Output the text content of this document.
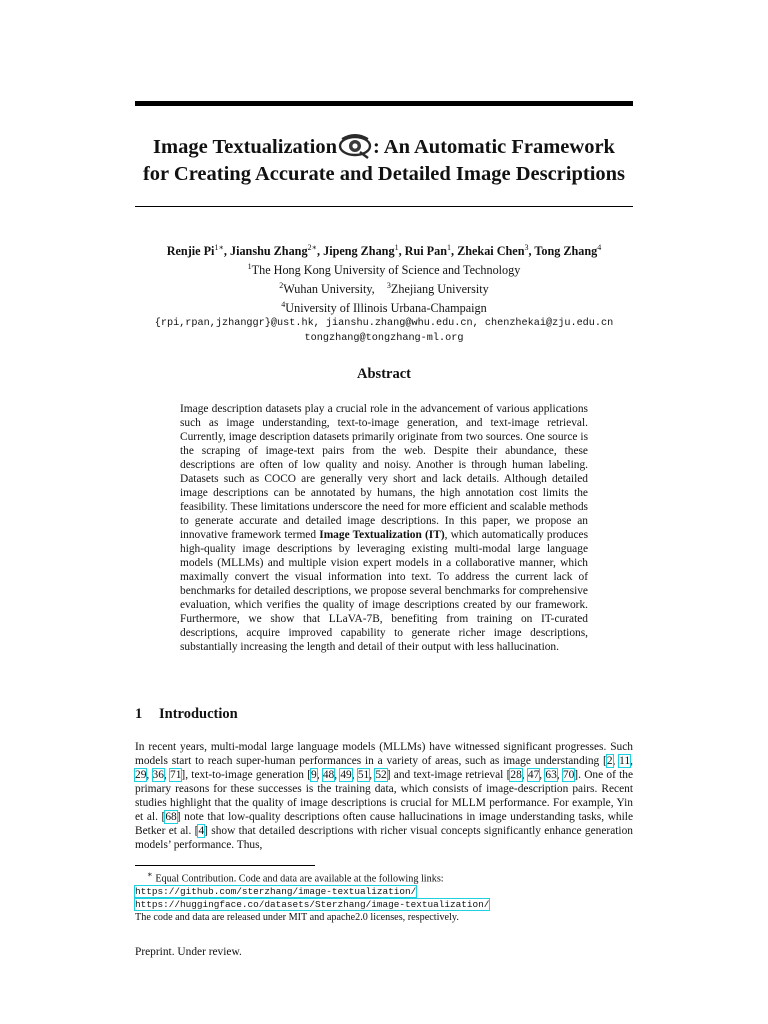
Image Textualization : An Automatic Framework
for Creating Accurate and Detailed Image Descriptions
Renjie $Pi^{1∗}$, Jianshu Zhang$^{2∗}$, Jipeng Zhang$^1$, Rui Pan$^1$, Zhekai Chen$^3$, Tong Zhang$^4$
$^1$The Hong Kong University of Science and Technology
$^2$Wuhan University, $^3$Zhejiang University
$^4$University of Illinois Urbana-Champaign
{rpi,rpan,jzhanggr}@ust.hk, jianshu.zhang@whu.edu.cn, chenzhekai@zju.edu.cn
tongzhang@tongzhang-ml.org
Abstract
Image description datasets play a crucial role in the advancement of various applications such as image understanding, text-to-image generation, and text-image retrieval. Currently, image description datasets primarily originate from two sources. One source is the scraping of image-text pairs from the web. Despite their abundance, these descriptions are often of low quality and noisy. Another is through human labeling. Datasets such as COCO are generally very short and lack details. Although detailed image descriptions can be annotated by humans, the high annotation cost limits the feasibility. These limitations underscore the need for more efficient and scalable methods to generate accurate and detailed image descriptions. In this paper, we propose an innovative framework termed Image Textualization (IT), which automatically produces high-quality image descriptions by leveraging existing multi-modal large language models (MLLMs) and multiple vision expert models in a collaborative manner, which maximally convert the visual information into text. To address the current lack of benchmarks for detailed descriptions, we propose several benchmarks for comprehensive evaluation, which verifies the quality of image descriptions created by our framework. Furthermore, we show that LLaVA-7B, benefiting from training on IT-curated descriptions, acquire improved capability to generate richer image descriptions, substantially increasing the length and detail of their output with less hallucination.
1 Introduction
In recent years, multi-modal large language models (MLLMs) have witnessed significant progresses. Such models start to reach super-human performances in a variety of areas, such as image understanding [2, 11, 29, 36, 71], text-to-image generation [9, 48, 49, 51, 52] and text-image retrieval [28, 47, 63, 70]. One of the primary reasons for these successes is the training data, which consists of image-description pairs. Recent studies highlight that the quality of image descriptions is crucial for MLLM performance. For example, Yin et al. [68] note that low-quality descriptions often cause hallucinations in image understanding tasks, while Betker et al. [4] show that detailed descriptions with richer visual concepts significantly enhance generation models’ performance. Thus,
∗ Equal Contribution. Code and data are available at the following links:
https://github.com/sterzhang/image-textualization/
https://huggingface.co/datasets/Sterzhang/image-textualization/
The code and data are released under MIT and apache2.0 licenses, respectively.
Preprint. Under review.
